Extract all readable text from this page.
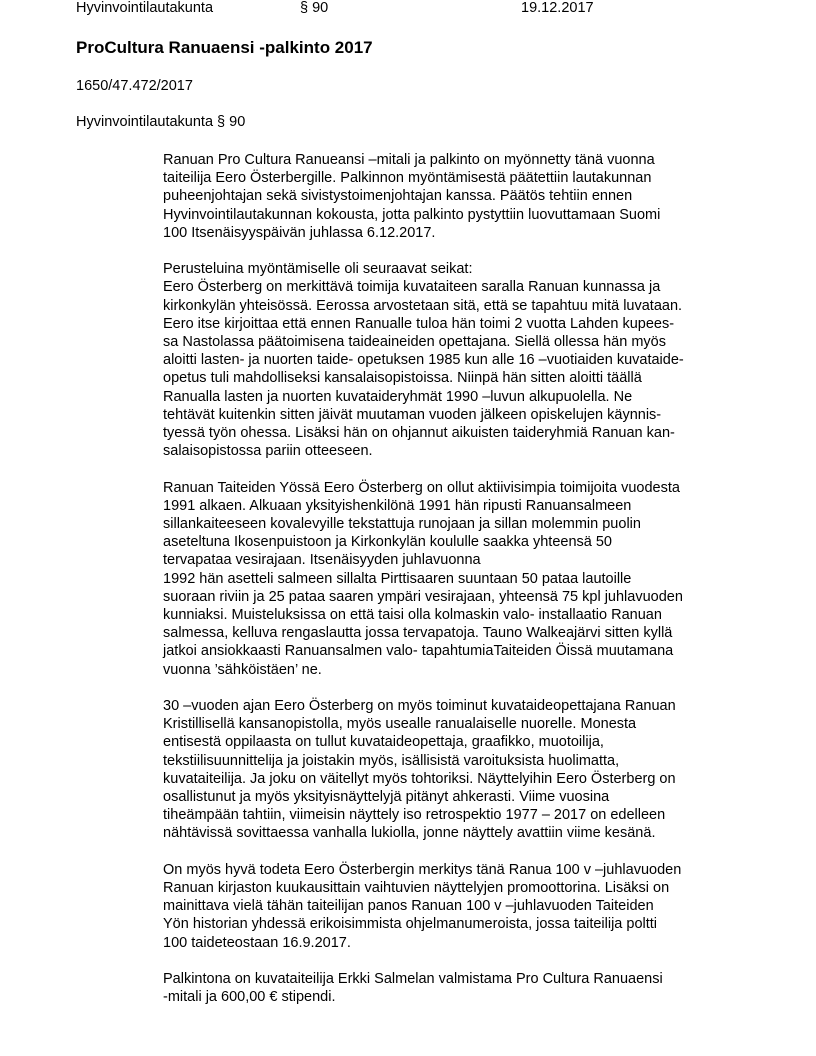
Hyvinvointilautakunta	§ 90	19.12.2017
ProCultura Ranuaensi -palkinto 2017

1650/47.472/2017

Hyvinvointilautakunta § 90

Ranuan Pro Cultura Ranueansi –mitali ja palkinto on myönnetty tänä vuonna
taiteilija Eero Österbergille. Palkinnon myöntämisestä päätettiin lautakunnan
puheenjohtajan sekä sivistystoimenjohtajan kanssa. Päätös tehtiin ennen
Hyvinvointilautakunnan kokousta, jotta palkinto pystyttiin luovuttamaan Suomi
100 Itsenäisyyspäivän juhlassa 6.12.2017.

Perusteluina myöntämiselle oli seuraavat seikat:
Eero Österberg on merkittävä toimija kuvataiteen saralla Ranuan kunnassa ja
kirkonkylän yhteisössä. Eerossa arvostetaan sitä, että se tapahtuu mitä luvataan.
Eero itse kirjoittaa että ennen Ranualle tuloa hän toimi 2 vuotta Lahden kupees-
sa Nastolassa päätoimisena taideaineiden opettajana. Siellä ollessa hän myös
aloitti lasten- ja nuorten taide- opetuksen 1985 kun alle 16 –vuotiaiden kuvataide-
opetus tuli mahdolliseksi kansalaisopistoissa. Niinpä hän sitten aloitti täällä
Ranualla lasten ja nuorten kuvataideryhmät 1990 –luvun alkupuolella. Ne
tehtävät kuitenkin sitten jäivät muutaman vuoden jälkeen opiskelujen käynnis-
tyessä työn ohessa. Lisäksi hän on ohjannut aikuisten taideryhmiä Ranuan kan-
salaisopistossa pariin otteeseen.

Ranuan Taiteiden Yössä Eero Österberg on ollut aktiivisimpia toimijoita vuodesta
1991 alkaen. Alkuaan yksityishenkilönä 1991 hän ripusti Ranuansalmeen
sillankaiteeseen kovalevyille tekstattuja runojaan ja sillan molemmin puolin
aseteltuna Ikosenpuistoon ja Kirkonkylän koululle saakka yhteensä 50
tervapataa vesirajaan. Itsenäisyyden juhlavuonna
1992 hän asetteli salmeen sillalta Pirttisaaren suuntaan 50 pataa lautoille
suoraan riviin ja 25 pataa saaren ympäri vesirajaan, yhteensä 75 kpl juhlavuoden
kunniaksi. Muisteluksissa on että taisi olla kolmaskin valo- installaatio Ranuan
salmessa, kelluva rengaslautta jossa tervapatoja. Tauno Walkeajärvi sitten kyllä
jatkoi ansiokkaasti Ranuansalmen valo- tapahtumiaTaiteiden Öissä muutamana
vuonna ’sähköistäen’ ne.

30 –vuoden ajan Eero Österberg on myös toiminut kuvataideopettajana Ranuan
Kristillisellä kansanopistolla, myös usealle ranualaiselle nuorelle. Monesta
entisestä oppilaasta on tullut kuvataideopettaja, graafikko, muotoilija,
tekstiilisuunnittelija ja joistakin myös, isällisistä varoituksista huolimatta,
kuvataiteilija. Ja joku on väitellyt myös tohtoriksi. Näyttelyihin Eero Österberg on
osallistunut ja myös yksityisnäyttelyjä pitänyt ahkerasti. Viime vuosina
tiheämpään tahtiin, viimeisin näyttely iso retrospektio 1977 – 2017 on edelleen
nähtävissä sovittaessa vanhalla lukiolla, jonne näyttely avattiin viime kesänä.

On myös hyvä todeta Eero Österbergin merkitys tänä Ranua 100 v –juhlavuoden
Ranuan kirjaston kuukausittain vaihtuvien näyttelyjen promoottorina. Lisäksi on
mainittava vielä tähän taiteilijan panos Ranuan 100 v –juhlavuoden Taiteiden
Yön historian yhdessä erikoisimmista ohjelmanumeroista, jossa taiteilija poltti
100 taideteostaan 16.9.2017.

Palkintona on kuvataiteilija Erkki Salmelan valmistama Pro Cultura Ranuaensi
-mitali ja 600,00 € stipendi.
